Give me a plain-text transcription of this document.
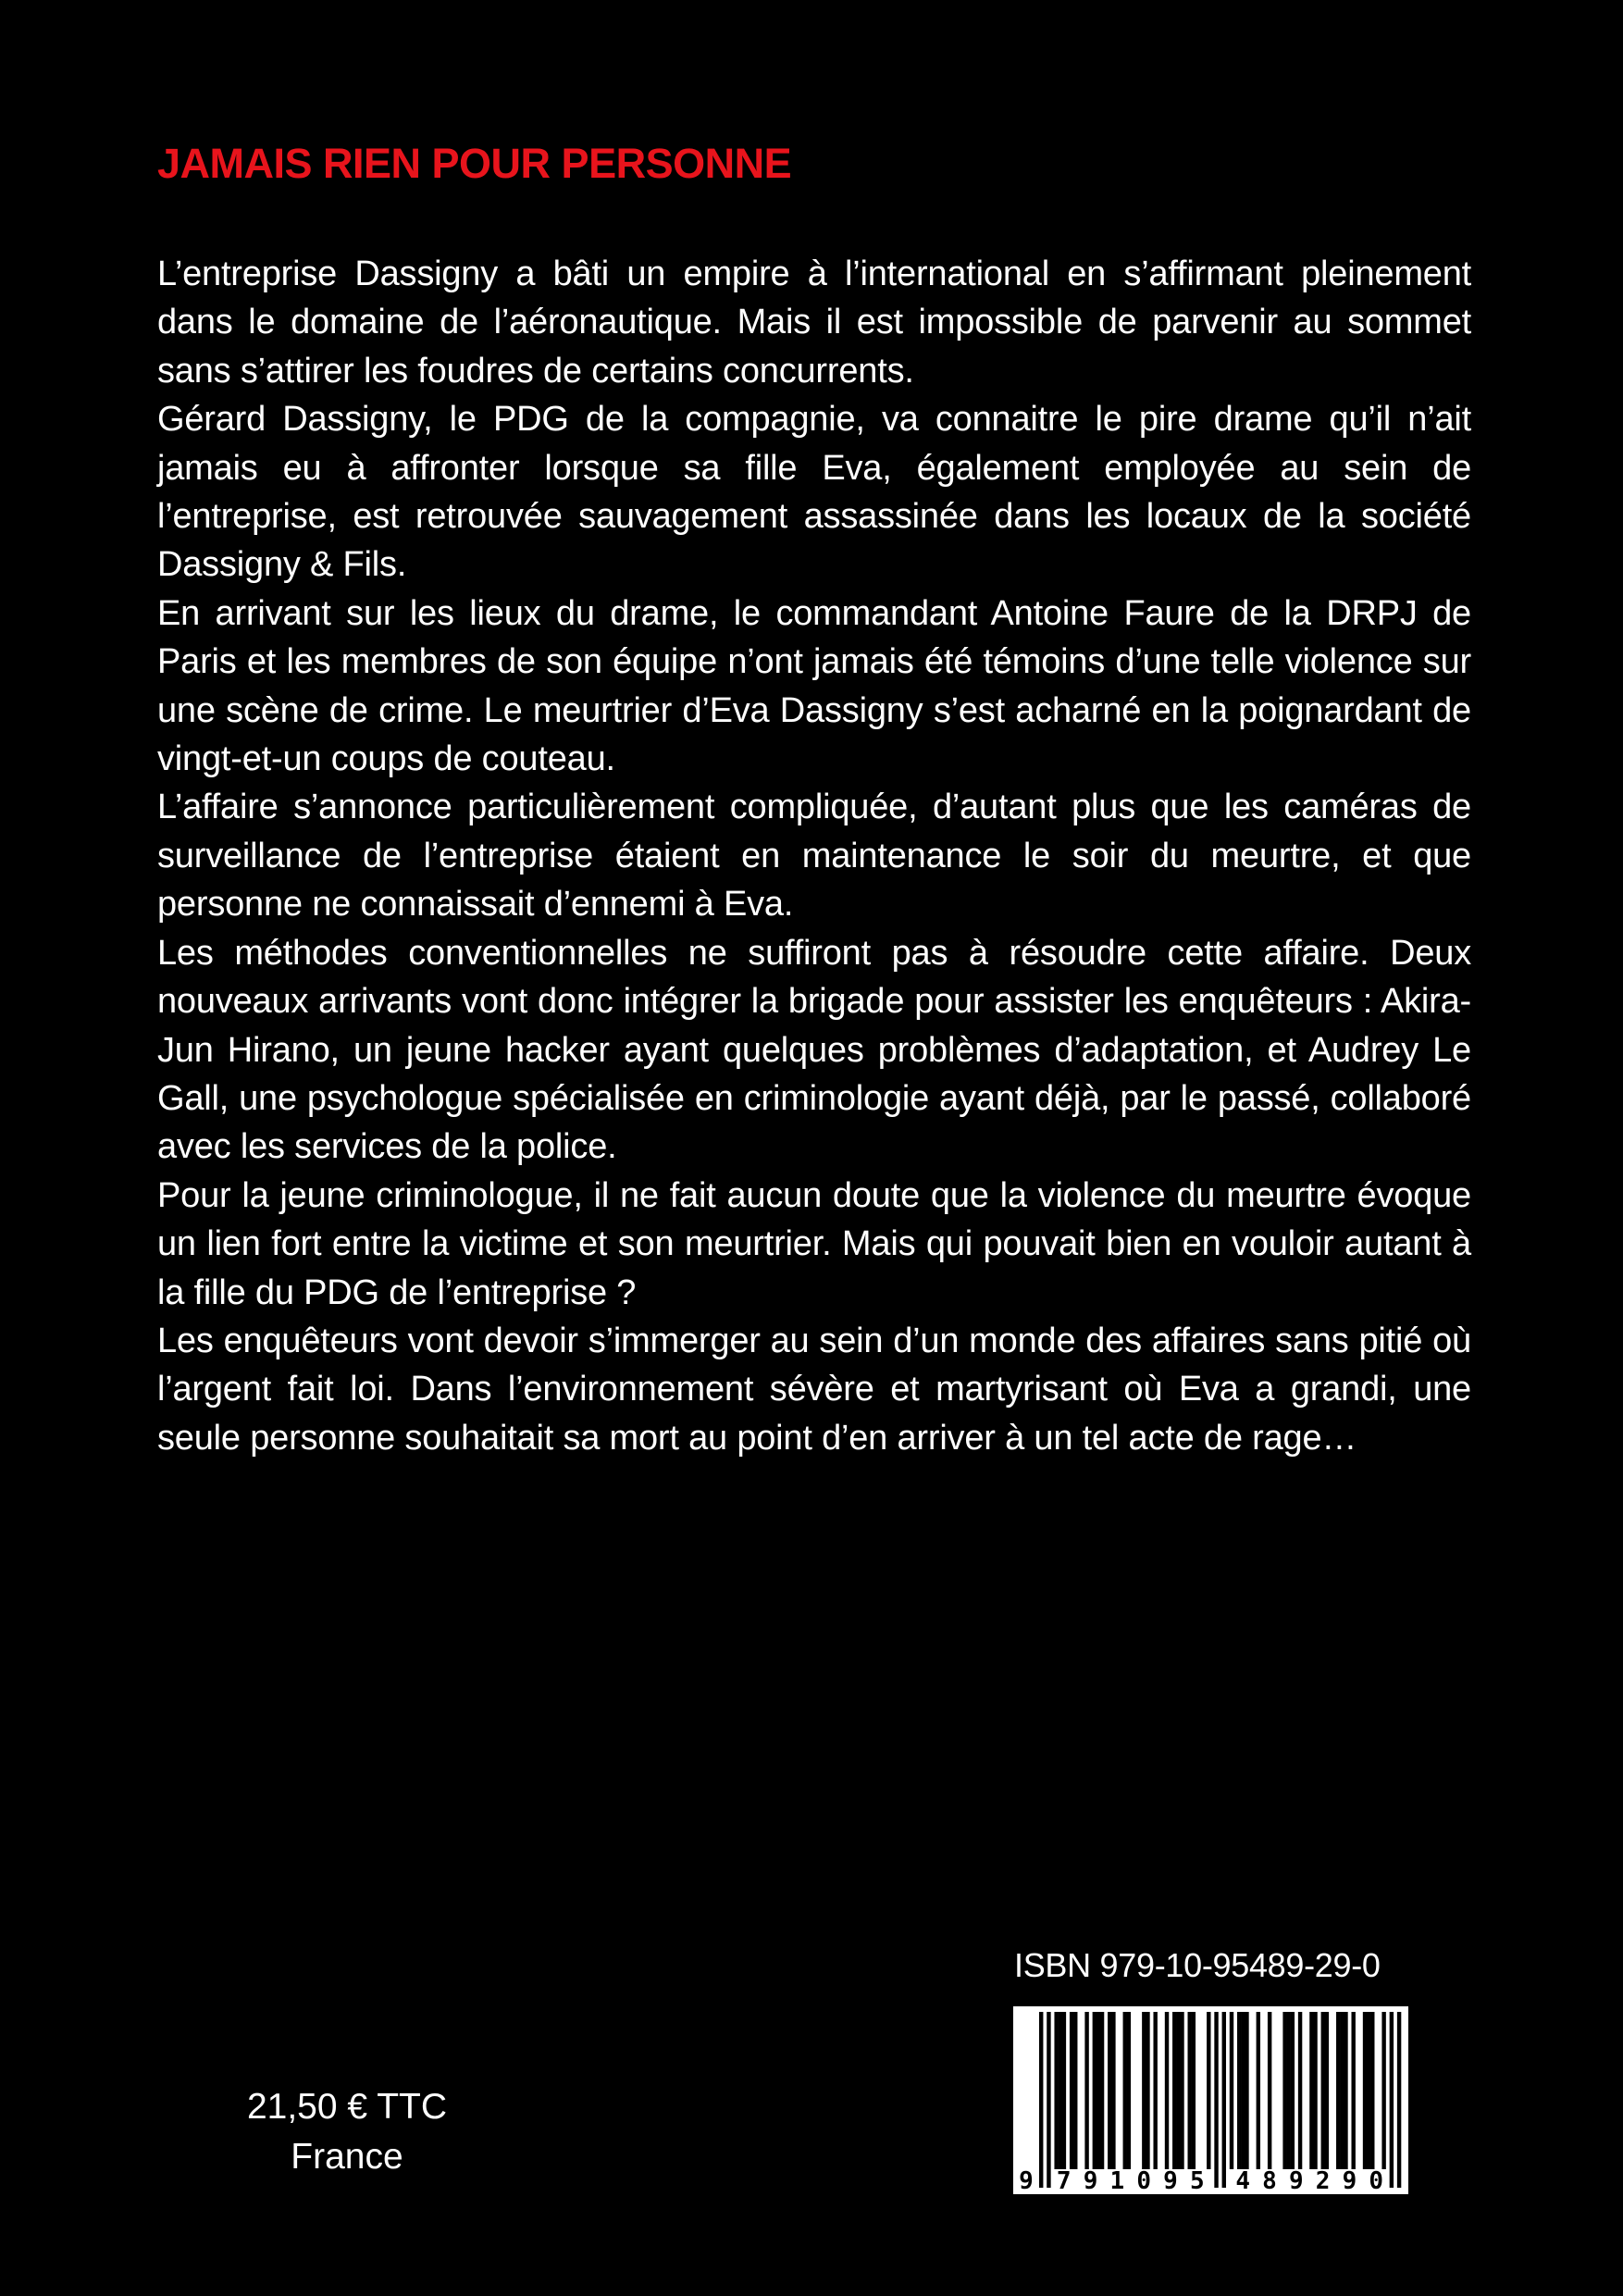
JAMAIS RIEN POUR PERSONNE

L’entreprise Dassigny a bâti un empire à l’international en s’affirmant pleinement dans le domaine de l’aéronautique. Mais il est impossible de parvenir au sommet sans s’attirer les foudres de certains concurrents.

Gérard Dassigny, le PDG de la compagnie, va connaitre le pire drame qu’il n’ait jamais eu à affronter lorsque sa fille Eva, également employée au sein de l’entreprise, est retrouvée sauvagement assassinée dans les locaux de la société Dassigny & Fils.

En arrivant sur les lieux du drame, le commandant Antoine Faure de la DRPJ de Paris et les membres de son équipe n’ont jamais été témoins d’une telle violence sur une scène de crime. Le meurtrier d’Eva Dassigny s’est acharné en la poignardant de vingt-et-un coups de couteau.

L’affaire s’annonce particulièrement compliquée, d’autant plus que les caméras de surveillance de l’entreprise étaient en maintenance le soir du meurtre, et que personne ne connaissait d’ennemi à Eva.

Les méthodes conventionnelles ne suffiront pas à résoudre cette affaire. Deux nouveaux arrivants vont donc intégrer la brigade pour assister les enquêteurs : Akira-Jun Hirano, un jeune hacker ayant quelques problèmes d’adaptation, et Audrey Le Gall, une psychologue spécialisée en criminologie ayant déjà, par le passé, collaboré avec les services de la police.

Pour la jeune criminologue, il ne fait aucun doute que la violence du meurtre évoque un lien fort entre la victime et son meurtrier. Mais qui pouvait bien en vouloir autant à la fille du PDG de l’entreprise ?

Les enquêteurs vont devoir s’immerger au sein d’un monde des affaires sans pitié où l’argent fait loi. Dans l’environnement sévère et martyrisant où Eva a grandi, une seule personne souhaitait sa mort au point d’en arriver à un tel acte de rage…

21,50 € TTC
France
ISBN 979-10-95489-29-0
9 7 9 1 0 9 5 4 8 9 2 9 0
